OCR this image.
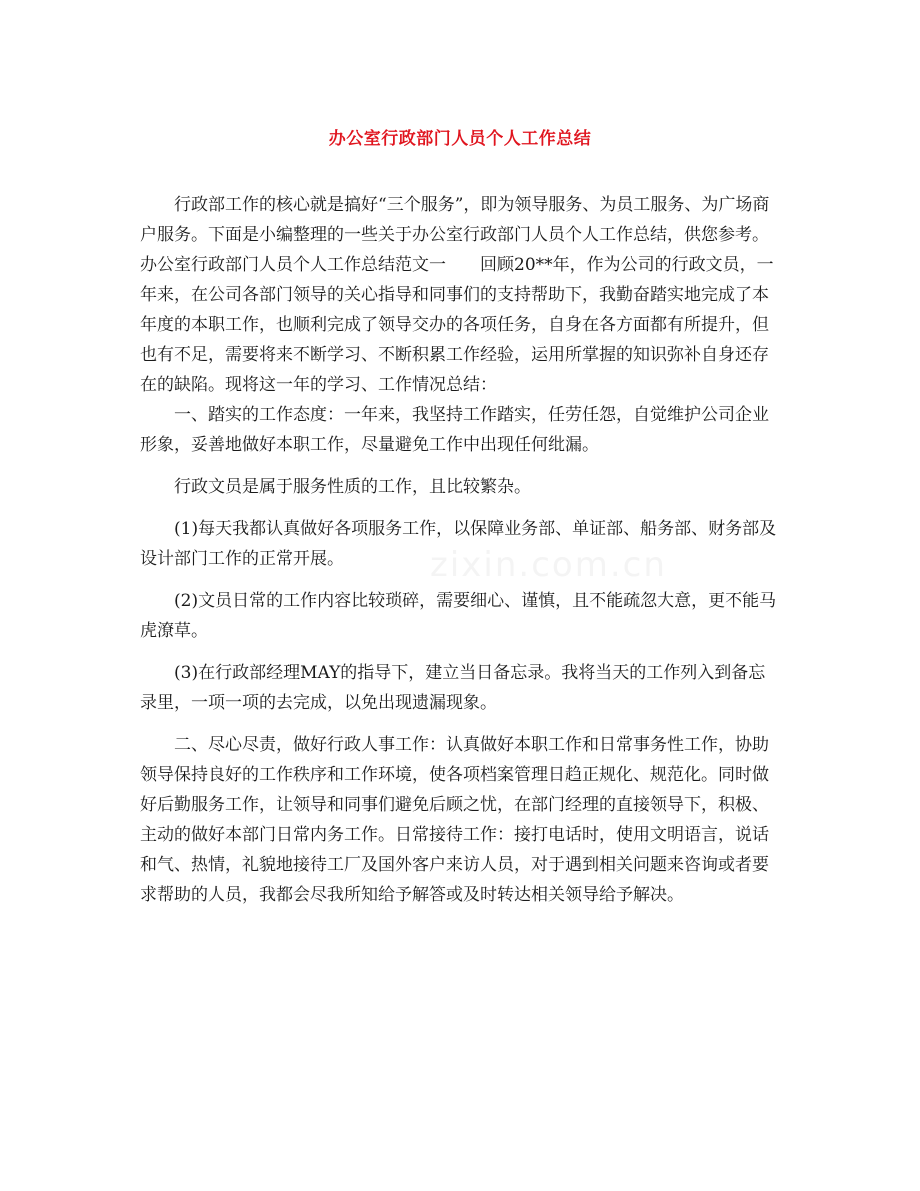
办公室行政部门人员个人工作总结

行政部工作的核心就是搞好“三个服务”，即为领导服务、为员工服务、为广场商户服务。下面是小编整理的一些关于办公室行政部门人员个人工作总结，供您参考。

办公室行政部门人员个人工作总结范文一　　回顾20**年，作为公司的行政文员，一年来，在公司各部门领导的关心指导和同事们的支持帮助下，我勤奋踏实地完成了本年度的本职工作，也顺利完成了领导交办的各项任务，自身在各方面都有所提升，但也有不足，需要将来不断学习、不断积累工作经验，运用所掌握的知识弥补自身还存在的缺陷。现将这一年的学习、工作情况总结：

一、踏实的工作态度：一年来，我坚持工作踏实，任劳任怨，自觉维护公司企业形象，妥善地做好本职工作，尽量避免工作中出现任何纰漏。

行政文员是属于服务性质的工作，且比较繁杂。

(1)每天我都认真做好各项服务工作，以保障业务部、单证部、船务部、财务部及设计部门工作的正常开展。

(2)文员日常的工作内容比较琐碎，需要细心、谨慎，且不能疏忽大意，更不能马虎潦草。

(3)在行政部经理MAY的指导下，建立当日备忘录。我将当天的工作列入到备忘录里，一项一项的去完成，以免出现遗漏现象。

二、尽心尽责，做好行政人事工作：认真做好本职工作和日常事务性工作，协助领导保持良好的工作秩序和工作环境，使各项档案管理日趋正规化、规范化。同时做好后勤服务工作，让领导和同事们避免后顾之忧，在部门经理的直接领导下，积极、主动的做好本部门日常内务工作。日常接待工作：接打电话时，使用文明语言，说话和气、热情，礼貌地接待工厂及国外客户来访人员，对于遇到相关问题来咨询或者要求帮助的人员，我都会尽我所知给予解答或及时转达相关领导给予解决。

zixin.com.cn
